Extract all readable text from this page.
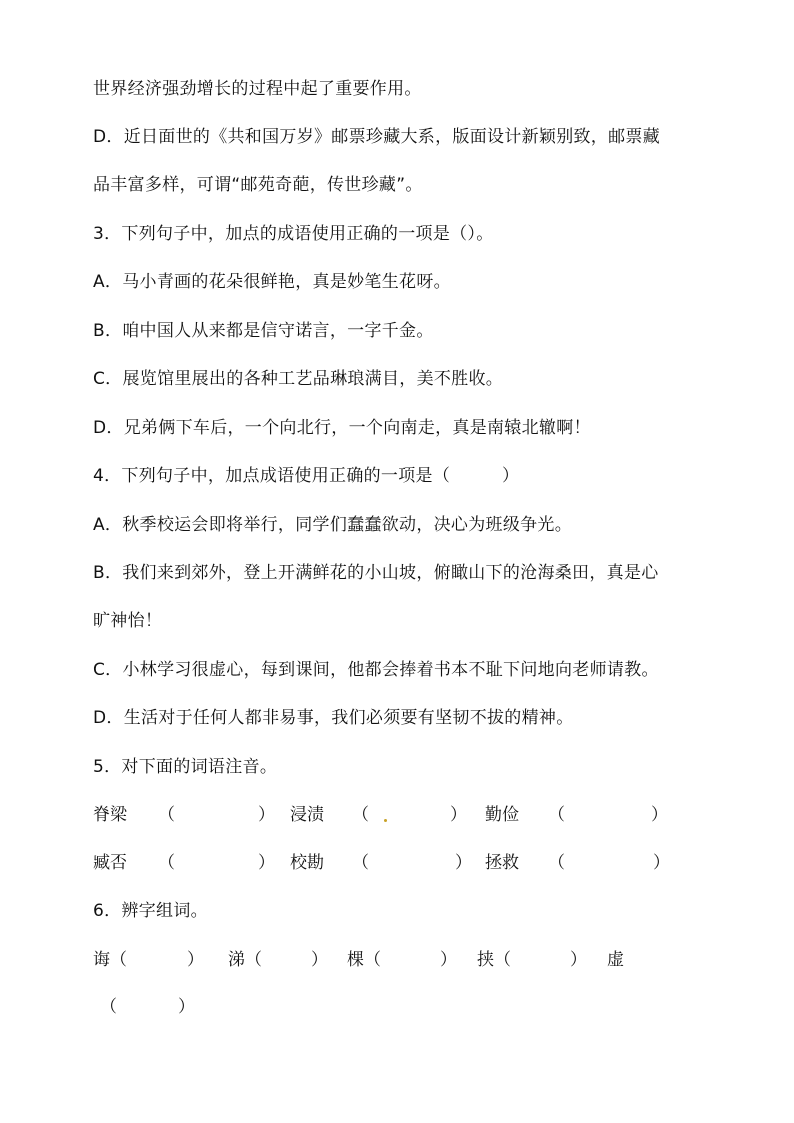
世界经济强劲增长的过程中起了重要作用。
D．近日面世的《共和国万岁》邮票珍藏大系，版面设计新颖别致，邮票藏
品丰富多样，可谓“邮苑奇葩，传世珍藏”。
3．下列句子中，加点的成语使用正确的一项是（）。
A．马小青画的花朵很鲜艳，真是妙笔生花呀。
B．咱中国人从来都是信守诺言，一字千金。
C．展览馆里展出的各种工艺品琳琅满目，美不胜收。
D．兄弟俩下车后，一个向北行，一个向南走，真是南辕北辙啊！
4．下列句子中，加点成语使用正确的一项是（　　　）
A．秋季校运会即将举行，同学们蠢蠢欲动，决心为班级争光。
B．我们来到郊外，登上开满鲜花的小山坡，俯瞰山下的沧海桑田，真是心
旷神怡！
C．小林学习很虚心，每到课间，他都会捧着书本不耻下问地向老师请教。
D．生活对于任何人都非易事，我们必须要有坚韧不拔的精神。
5．对下面的词语注音。
脊梁 （	） 浸渍 （	） 勤俭 （	）
臧否 （	） 校勘 （	） 拯救 （	）
6．辨字组词。
诲（	） 涕（	） 棵（	） 挟（	） 虚
（	）
